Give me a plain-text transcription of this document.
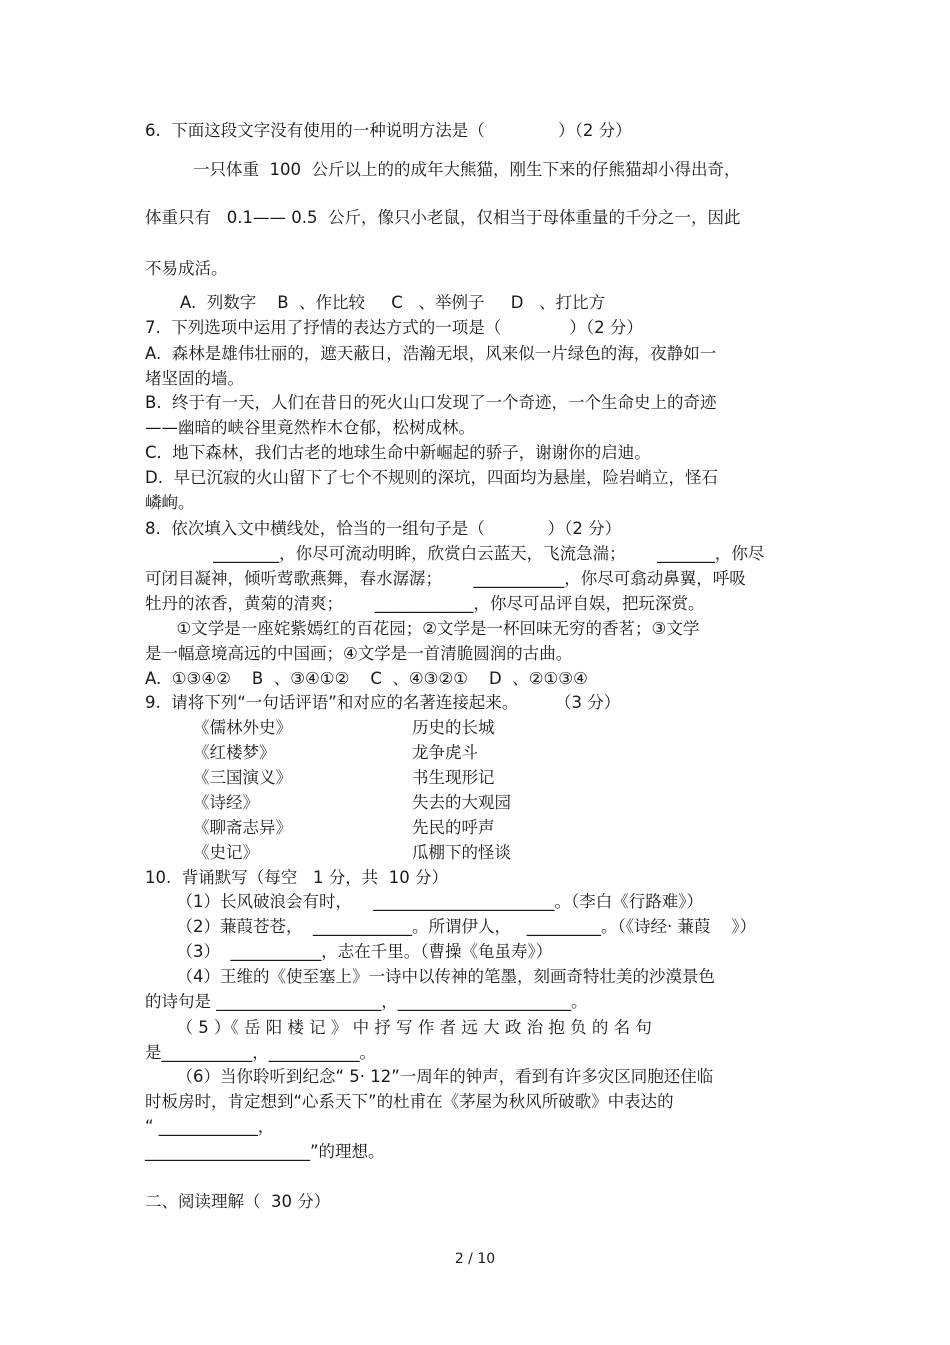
6.  下面这段文字没有使用的一种说明方法是（              ）（2 分）
一只体重  100  公斤以上的的成年大熊猫，刚生下来的仔熊猫却小得出奇，
体重只有   0.1—— 0.5  公斤，像只小老鼠，仅相当于母体重量的千分之一，因此
不易成活。
A.  列数字    B  、作比较     C   、举例子     D   、打比方
7.  下列选项中运用了抒情的表达方式的一项是（             ）（2 分）
A.  森林是雄伟壮丽的，遮天蔽日，浩瀚无垠，风来似一片绿色的海，夜静如一
堵坚固的墙。
B.  终于有一天，人们在昔日的死火山口发现了一个奇迹，一个生命史上的奇迹
——幽暗的峡谷里竟然柞木仓郁，松树成林。
C.  地下森林，我们古老的地球生命中新崛起的骄子，谢谢你的启迪。
D.  早已沉寂的火山留下了七个不规则的深坑，四面均为悬崖，险岩峭立，怪石
嶙峋。
8.  依次填入文中横线处，恰当的一组句子是（            ）（2 分）
________，你尽可流动明眸，欣赏白云蓝天，飞流急湍；      _______，你尽
可闭目凝神，倾听莺歌燕舞，春水潺潺；      ___________，你尽可翕动鼻翼，呼吸
牡丹的浓香，黄菊的清爽；      ____________，你尽可品评自娱，把玩深赏。
①文学是一座姹紫嫣红的百花园；②文学是一杯回味无穷的香茗；③文学
是一幅意境高远的中国画；④文学是一首清脆圆润的古曲。
A.  ①③④②    B  、③④①②    C  、④③②①    D  、②①③④
9.  请将下列“一句话评语”和对应的名著连接起来。       （3 分）
《儒林外史》	历史的长城
《红楼梦》	龙争虎斗
《三国演义》	书生现形记
《诗经》	失去的大观园
《聊斋志异》	先民的呼声
《史记》	瓜棚下的怪谈
10.  背诵默写（每空   1 分，共  10 分）
（1）长风破浪会有时，    ______________________。（李白《行路难》）
（2）蒹葭苍苍，  ____________。所谓伊人，   _________。（《诗经· 蒹葭    》）
（3）  ___________，志在千里。（曹操《龟虽寿》）
（4）王维的《使至塞上》一诗中以传神的笔墨，刻画奇特壮美的沙漠景色
的诗句是 ____________________，_____________________。
（ 5 ）《 岳 阳 楼 记 》 中 抒 写 作 者 远 大 政 治 抱 负 的 名 句
是___________，___________。
（6）当你聆听到纪念“ 5· 12”一周年的钟声，看到有许多灾区同胞还住临
时板房时，肯定想到“心系天下”的杜甫在《茅屋为秋风所破歌》中表达的
“ ____________，
____________________”的理想。
二、阅读理解（  30 分）
2 / 10
